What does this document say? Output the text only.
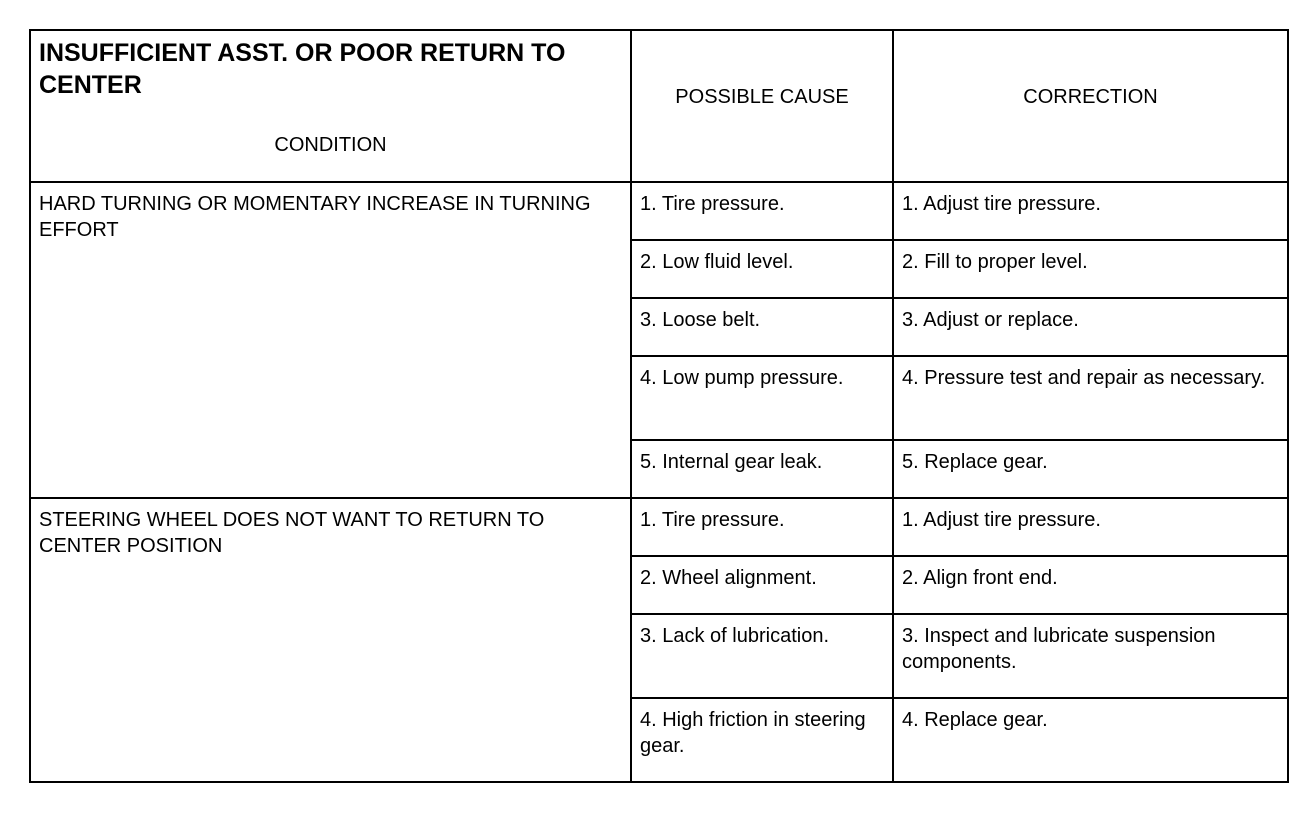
INSUFFICIENT ASST. OR POOR RETURN TO CENTER
CONDITION	POSSIBLE CAUSE	CORRECTION

HARD TURNING OR MOMENTARY INCREASE IN TURNING EFFORT	1. Tire pressure.	1. Adjust tire pressure.

	2. Low fluid level.	2. Fill to proper level.

	3. Loose belt.	3. Adjust or replace.

	4. Low pump pressure.	4. Pressure test and repair as necessary.

	5. Internal gear leak.	5. Replace gear.

STEERING WHEEL DOES NOT WANT TO RETURN TO CENTER POSITION	1. Tire pressure.	1. Adjust tire pressure.

	2. Wheel alignment.	2. Align front end.

	3. Lack of lubrication.	3. Inspect and lubricate suspension components.

	4. High friction in steering gear.	4. Replace gear.
